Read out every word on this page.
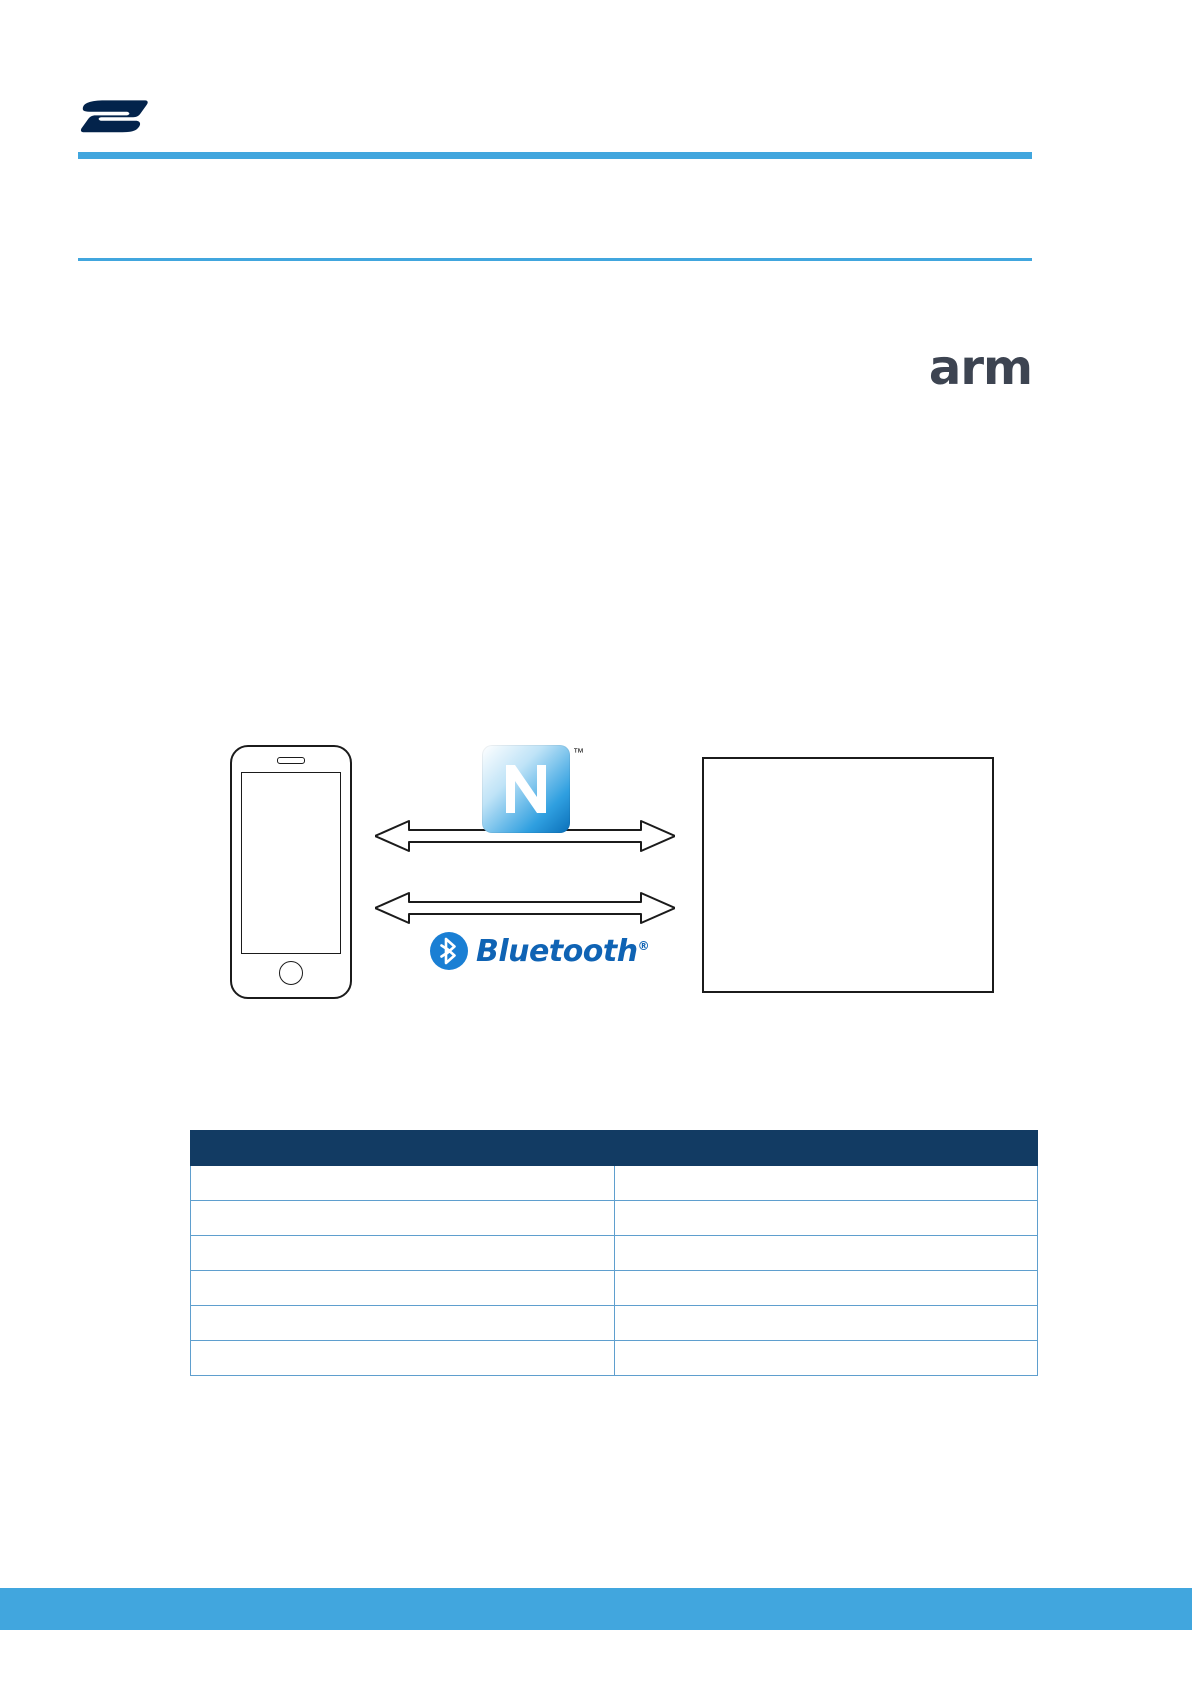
arm

™
Bluetooth®
